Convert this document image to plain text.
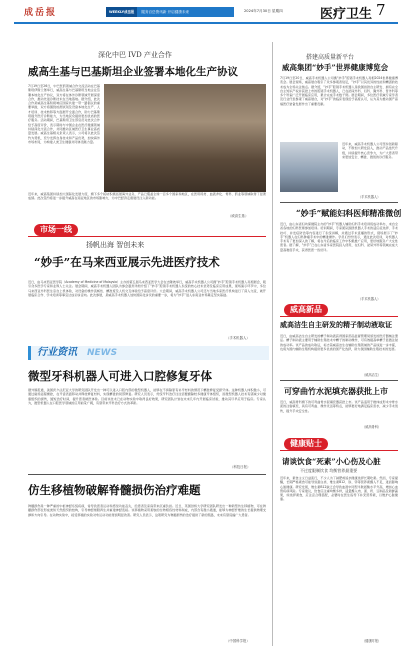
成岳报	WEEKLY成岳报	服务百岳资讯新 开启健康未来	2024年7月30日 星期四	医疗卫生 7
深化中巴 IVD 产业合作
威高生基与巴基斯坦企业签署本地化生产协议
7月19日至26日，中巴医药领域合作交流活动在巴基斯坦伊斯兰堡举行，威高生基与巴基斯坦当地企业签署本地化生产协议，双方将在体外诊断领域开展深度合作，推动先进诊断技术在当地落地。据介绍，此次合作是威高生基积极响应国家共建一带一路倡议的重要举措，双方将围绕检测试剂及设备本地化生产、人才培训、技术转移等方面展开全面合作，助力巴基斯坦提升医疗诊断能力，为当地民众提供更加优质的医疗服务。活动期间，巴基斯坦卫生部官员对此次合作给予高度评价，表示期待与中国企业在医疗健康领域持续深化交流合作，共同推动区域医疗卫生事业高质量发展。威高生基相关负责人表示，公司将以此次签约为契机，充分发挥自身技术和产品优势，加快海外市场布局，为构建人类卫生健康共同体贡献力量。
近年来，威高集团持续加大国际化发展力度，旗下多个板块积极拓展海外业务，产品已覆盖全球一百多个国家和地区，在医用耗材、血液净化、骨科、药业等领域取得了显著成绩。此次签约将进一步提升威高在南亚地区的市场影响力，为中巴经济走廊建设注入新动能。
（威高生基）
市场一线
扬帆出海 智创未来
“妙手”在马来西亚展示先进医疗技术
近日，由马来西亚医学院（Academy of Medicine of Malaysia）主办的第五届马来西亚医学大会在吉隆坡举行，威高手术机器人公司携“妙手”腔镜手术机器人亮相展会，吸引众多医学专家和业界人士关注。展会期间，威高手术机器人团队为参会嘉宾详细介绍了“妙手”腔镜手术机器人系统的核心技术优势及临床应用成果，现场演示环节中，多位马来西亚外科医生亲自上机体验，对设备的操作流畅性、精准度及人机交互体验给予高度评价。大会期间，威高手术机器人公司还与当地多家医疗机构进行了深入交流，就开展临床合作、学术培训等事宜达成初步意向。此次参展，是威高手术机器人加快国际化步伐的重要一步，将为“妙手”进入东南亚市场奠定坚实基础。
（手术机器人）
行业资讯 NEWS
微型牙科机器人可进入口腔修复牙体
据外媒报道，美国宾夕法尼亚大学的研究团队开发出一种可以进入口腔内部的微型机器人，能够在不拆除原有补牙材料的情况下精准修复受损牙体。这种机器人体积微小，可通过磁场远程操控，在牙齿表面移动并释放修复材料，实现精准的局部修复。研究人员表示，传统牙科治疗往往需要磨除较多健康牙体组织，而微型机器人技术有望减少对健康组织的损伤，缩短治疗时间，提升患者就医体验。目前该技术已在动物实验中取得良好效果，研究团队计划在未来几年内开展临床试验，推动其尽早应用于临床。专家认为，微型机器人在口腔医学领域的应用前景广阔，有望带来牙科治疗方式的革新。
（科技日报）
仿生移植物破解脊髓损伤治疗难题
脊髓损伤是一种严重的中枢神经系统疾病，常导致患者运动和感觉功能丧失，给患者及家庭带来沉重负担。近日，英国剑桥大学研究团队研发出一种新型仿生移植物，可在脊髓损伤部位形成类似天然组织的结构，引导神经细胞再生并重建神经连接。该移植物采用柔软的生物相容性材料制成，内部含有微小通道，能够为神经纤维的生长提供物理支撑和方向引导。在动物实验中，接受移植的实验对象运动功能得到明显改善。研究人员表示，这项研究为脊髓损伤的治疗提供了新的思路，未来有望造福广大患者。
（中国科学报）
搭建高质量新平台
威高集团“妙手”世界健康博览会
7月19日至20日，威高手术机器人公司携“妙手”腔镜手术机器人亮相2024世界健康博览会。展会现场，威高展台吸引了众多参观者驻足，“妙手”以其优异的性能和精湛的技术成为全场关注焦点。据介绍，“妙手”腔镜手术机器人是我国首款自主研发、拥有完全自主知识产权并获批上市的腔镜手术机器人，已在泌尿外科、妇科、胸外科、普外科等多个科室广泛开展临床应用，累计完成手术数千例。展会期间，多位医疗领域专家学者及行业代表参观了威高展台，对“妙手”的临床表现给予高度认可，认为其为推动国产高端医疗装备发展作出了重要贡献。
近年来，威高手术机器人公司坚持创新驱动，不断加大研发投入，推动产品迭代升级，持续提升核心竞争力，为广大患者带来更加安全、精准、微创的诊疗服务。
（手术机器人）
“妙手”赋能妇科医师精准微创
近日，由山东省妇幼保健院主办的“妙手”机器人辅助妇科手术培训班成功举办，来自全省各地的妇科医师参加培训。培训期间，专家团队围绕机器人手术的适应症选择、手术技巧、并发症防治等内容进行了系统讲解，并通过手术直播的形式，现场展示了“妙手”机器人在妇科肿瘤手术中的精准操作。学员们纷纷表示，通过此次培训，对机器人手术有了更加深入的了解，将在今后的临床工作中积极推广应用，更好地服务广大女性患者。据了解，“妙手”已在山东省多家医院投入使用，在妇科、泌尿外科等领域完成大量高难度手术，获得医患一致好评。
（手术机器人）
威高新品
威高洁生自主研发的精子制动液取证
近日，由威高洁生自主研发的精子制动液获得国家药品监督管理局颁发的医疗器械注册证。精子制动液主要用于辅助生殖技术中精子的制动操作，可有效提高单精子显微注射的成功率。该产品的成功取证，标志着威高洁生在辅助生殖领域的产品线进一步丰富，也将为国内辅助生殖机构提供更多优质的国产化选择，助力我国辅助生殖技术的发展。
（威高洁生）
可穿曲竹水泥填充器获批上市
近日，威高骨科旗下的可弯曲骨水泥填充器获批上市。该产品适用于椎体成形术中骨水泥的注射填充，具有可弯曲、操作灵活等特点，能够更好地满足临床需求，减少手术创伤，提升手术安全性。
（威高骨科）
健康贴士
请谈饮食“死素”小心伤及心脏
不过度限制饮食 均衡营养最重要
近年来，素食主义日益流行，不少人为了减肥或追求健康选择长期吃素。然而，专家提醒，长期严格素食可能导致蛋白质、维生素B12、铁、锌等营养素摄入不足，进而影响心脏健康。研究发现，维生素B12缺乏会导致血液中同型半胱氨酸水平升高，增加心血管疾病风险。专家建议，饮食应注重均衡多样，适量摄入肉、蛋、奶、豆制品及新鲜蔬果，如选择素食，应注意合理搭配，必要时在医生指导下补充营养素，以维护心脏健康。
（健康时报）
